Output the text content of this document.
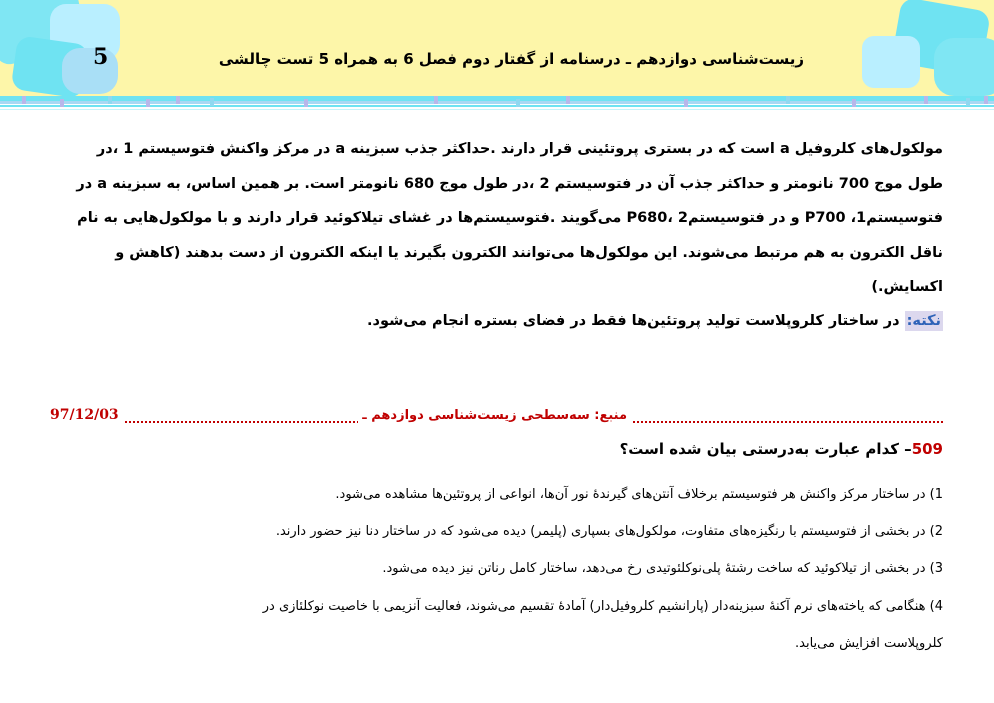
5	زیست‌شناسی دوازدهم ـ درسنامه از گفتار دوم فصل 6 به همراه 5 تست چالشی

مولکول‌های کلروفیل a است که در بستری پروتئینی قرار دارند .حداکثر جذب سبزینه a در مرکز واکنش فتوسیستم 1 ،در

طول موج 700 نانومتر و حداکثر جذب آن در فتوسیستم 2 ،در طول موج 680 نانومتر است. بر همین اساس، به سبزینه a در

فتوسیستم1، P700 و در فتوسیستم2 ،P680 می‌گویند .فتوسیستم‌ها در غشای تیلاکوئید قرار دارند و با مولکول‌هایی به نام

ناقل الکترون به هم مرتبط می‌شوند. این مولکول‌ها می‌توانند الکترون بگیرند یا اینکه الکترون از دست بدهند (کاهش و

اکسایش.)

نکته: در ساختار کلروپلاست تولید پروتئین‌ها فقط در فضای بستره انجام می‌شود.
منبع: سه‌سطحی زیست‌شناسی دوازدهم ـ
97/12/03
509– کدام عبارت به‌درستی بیان شده است؟

1) در ساختار مرکز واکنش هر فتوسیستم برخلاف آنتن‌های گیرندهٔ نور آن‌ها، انواعی از پروتئین‌ها مشاهده می‌شود.

2) در بخشی از فتوسیستم با رنگیزه‌های متفاوت، مولکول‌های بسپاری (پلیمر) دیده می‌شود که در ساختار دنا نیز حضور دارند.

3) در بخشی از تیلاکوئید که ساخت رشتهٔ پلی‌نوکلئوتیدی رخ می‌دهد، ساختار کامل رناتن نیز دیده می‌شود.

4) هنگامی که یاخته‌های نرم آکنهٔ سبزینه‌دار (پارانشیم کلروفیل‌دار) آمادهٔ تقسیم می‌شوند، فعالیت آنزیمی با خاصیت نوکلئازی در

کلروپلاست افزایش می‌یابد.
